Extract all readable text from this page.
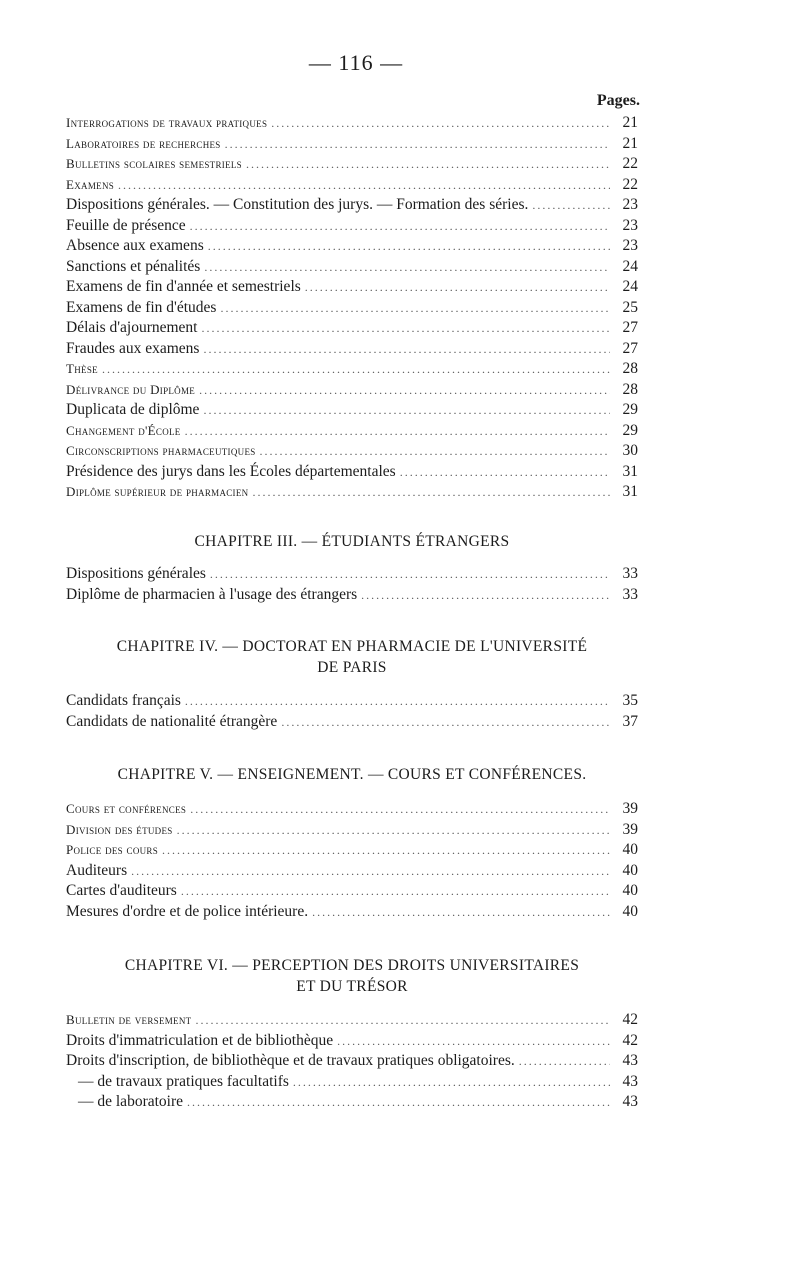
— 116 —
Pages.
Interrogations de travaux pratiques .....	21
Laboratoires de recherches .....	21
Bulletins scolaires semestriels .....	22
Examens .....	22
Dispositions générales. — Constitution des jurys. — Formation des séries. .....	23
Feuille de présence .....	23
Absence aux examens .....	23
Sanctions et pénalités .....	24
Examens de fin d'année et semestriels .....	24
Examens de fin d'études .....	25
Délais d'ajournement .....	27
Fraudes aux examens .....	27
Thèse .....	28
Délivrance du Diplôme .....	28
Duplicata de diplôme .....	29
Changement d'École .....	29
Circonscriptions pharmaceutiques .....	30
Présidence des jurys dans les Écoles départementales .....	31
Diplôme supérieur de pharmacien .....	31
CHAPITRE III. — ÉTUDIANTS ÉTRANGERS
Dispositions générales .....	33
Diplôme de pharmacien à l'usage des étrangers .....	33
CHAPITRE IV. — DOCTORAT EN PHARMACIE DE L'UNIVERSITÉ
DE PARIS
Candidats français .....	35
Candidats de nationalité étrangère .....	37
CHAPITRE V. — ENSEIGNEMENT. — COURS ET CONFÉRENCES.
Cours et conférences .....	39
Division des études .....	39
Police des cours .....	40
Auditeurs .....	40
Cartes d'auditeurs .....	40
Mesures d'ordre et de police intérieure. .....	40
CHAPITRE VI. — PERCEPTION DES DROITS UNIVERSITAIRES
ET DU TRÉSOR
Bulletin de versement .....	42
Droits d'immatriculation et de bibliothèque .....	42
Droits d'inscription, de bibliothèque et de travaux pratiques obligatoires. .....	43
— de travaux pratiques facultatifs .....	43
— de laboratoire .....	43
